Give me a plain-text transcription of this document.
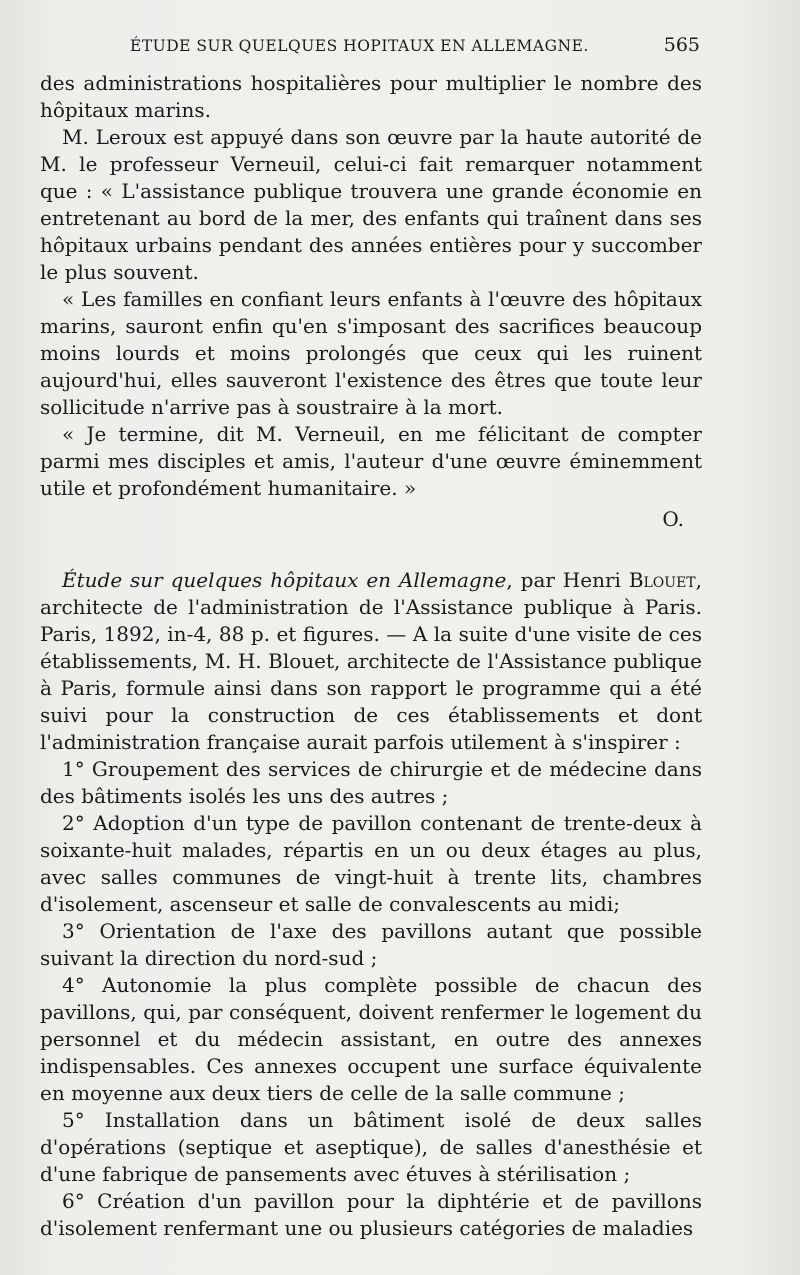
ÉTUDE SUR QUELQUES HOPITAUX EN ALLEMAGNE.	565

des administrations hospitalières pour multiplier le nombre des hôpitaux marins.

M. Leroux est appuyé dans son œuvre par la haute autorité de M. le professeur Verneuil, celui-ci fait remarquer notamment que : « L'assistance publique trouvera une grande économie en entretenant au bord de la mer, des enfants qui traînent dans ses hôpitaux urbains pendant des années entières pour y succomber le plus souvent.

« Les familles en confiant leurs enfants à l'œuvre des hôpitaux marins, sauront enfin qu'en s'imposant des sacrifices beaucoup moins lourds et moins prolongés que ceux qui les ruinent aujourd'hui, elles sauveront l'existence des êtres que toute leur sollicitude n'arrive pas à soustraire à la mort.

« Je termine, dit M. Verneuil, en me félicitant de compter parmi mes disciples et amis, l'auteur d'une œuvre éminemment utile et profondément humanitaire. »

O.

Étude sur quelques hôpitaux en Allemagne, par Henri Blouet, architecte de l'administration de l'Assistance publique à Paris. Paris, 1892, in-4, 88 p. et figures. — A la suite d'une visite de ces établissements, M. H. Blouet, architecte de l'Assistance publique à Paris, formule ainsi dans son rapport le programme qui a été suivi pour la construction de ces établissements et dont l'administration française aurait parfois utilement à s'inspirer :

1° Groupement des services de chirurgie et de médecine dans des bâtiments isolés les uns des autres ;

2° Adoption d'un type de pavillon contenant de trente-deux à soixante-huit malades, répartis en un ou deux étages au plus, avec salles communes de vingt-huit à trente lits, chambres d'isolement, ascenseur et salle de convalescents au midi;

3° Orientation de l'axe des pavillons autant que possible suivant la direction du nord-sud ;

4° Autonomie la plus complète possible de chacun des pavillons, qui, par conséquent, doivent renfermer le logement du personnel et du médecin assistant, en outre des annexes indispensables. Ces annexes occupent une surface équivalente en moyenne aux deux tiers de celle de la salle commune ;

5° Installation dans un bâtiment isolé de deux salles d'opérations (septique et aseptique), de salles d'anesthésie et d'une fabrique de pansements avec étuves à stérilisation ;

6° Création d'un pavillon pour la diphtérie et de pavillons d'isolement renfermant une ou plusieurs catégories de maladies
